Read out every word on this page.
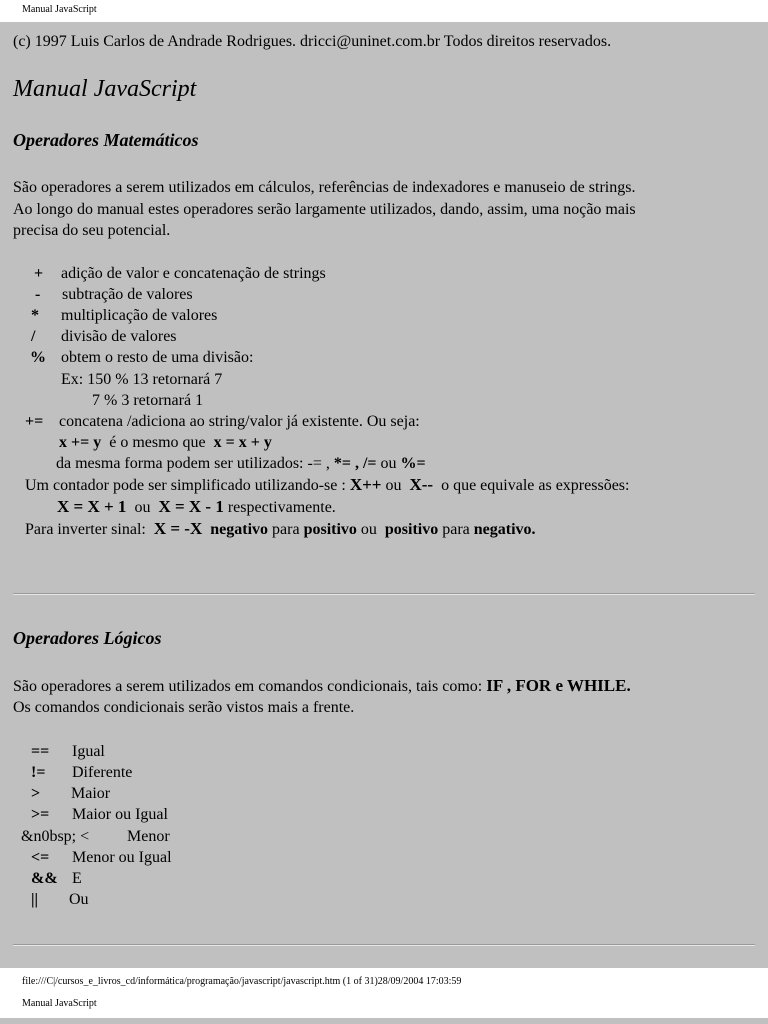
Manual JavaScript
(c) 1997 Luis Carlos de Andrade Rodrigues. dricci@uninet.com.br Todos direitos reservados.
Manual JavaScript
Operadores Matemáticos
São operadores a serem utilizados em cálculos, referências de indexadores e manuseio de strings.
Ao longo do manual estes operadores serão largamente utilizados, dando, assim, uma noção mais
precisa do seu potencial.
+ adição de valor e concatenação de strings
- subtração de valores
* multiplicação de valores
/ divisão de valores
% obtem o resto de uma divisão:
Ex: 150 % 13 retornará 7
7 % 3 retornará 1
+= concatena /adiciona ao string/valor já existente. Ou seja:
x += y é o mesmo que x = x + y
da mesma forma podem ser utilizados: -= , *= , /= ou %=
Um contador pode ser simplificado utilizando-se : X++ ou X-- o que equivale as expressões:
X = X + 1 ou X = X - 1 respectivamente.
Para inverter sinal: X = -X negativo para positivo ou positivo para negativo.
Operadores Lógicos
São operadores a serem utilizados em comandos condicionais, tais como: IF , FOR e WHILE.
Os comandos condicionais serão vistos mais a frente.
== Igual
!= Diferente
> Maior
>= Maior ou Igual
&n0bsp; < Menor
<= Menor ou Igual
&& E
|| Ou
file:///C|/cursos_e_livros_cd/informática/programação/javascript/javascript.htm (1 of 31)28/09/2004 17:03:59
Manual JavaScript
